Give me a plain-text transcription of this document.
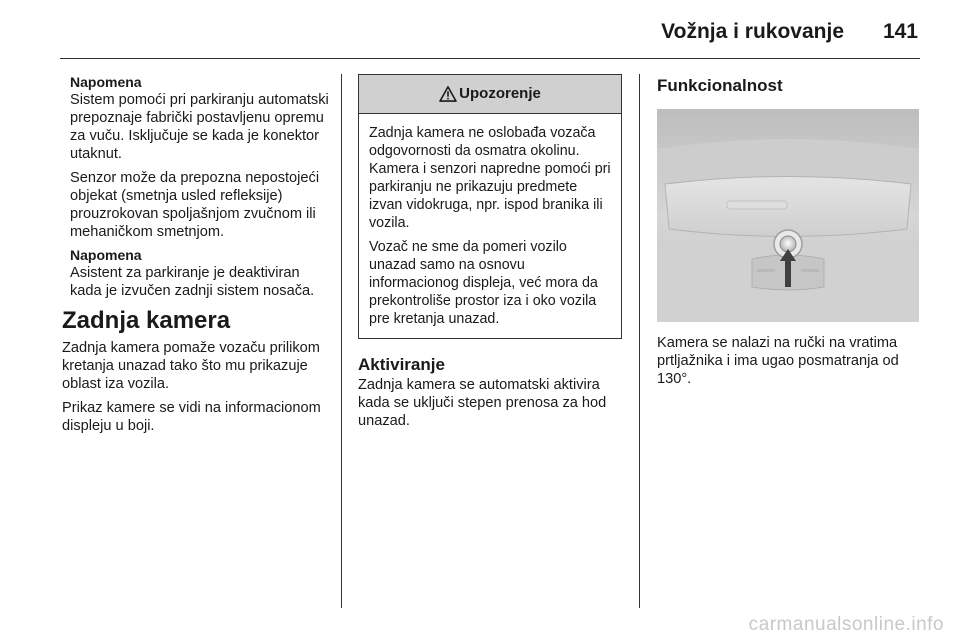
Vožnja i rukovanje 141
Napomena

Sistem pomoći pri parkiranju automatski prepoznaje fabrički postavljenu opremu za vuču. Isključuje se kada je konektor utaknut.

Senzor može da prepozna nepostojeći objekat (smetnja usled refleksije) prouzrokovan spoljašnjom zvučnom ili mehaničkom smetnjom.

Napomena

Asistent za parkiranje je deaktiviran kada je izvučen zadnji sistem nosača.

Zadnja kamera

Zadnja kamera pomaže vozaču prilikom kretanja unazad tako što mu prikazuje oblast iza vozila.

Prikaz kamere se vidi na informacionom displeju u boji.

Upozorenje

Zadnja kamera ne oslobađa vozača odgovornosti da osmatra okolinu. Kamera i senzori napredne pomoći pri parkiranju ne prikazuju predmete izvan vidokruga, npr. ispod branika ili vozila.

Vozač ne sme da pomeri vozilo unazad samo na osnovu informacionog displeja, već mora da prekontroliše prostor iza i oko vozila pre kretanja unazad.

Aktiviranje

Zadnja kamera se automatski aktivira kada se uključi stepen prenosa za hod unazad.

Funkcionalnost

Kamera se nalazi na ručki na vratima prtljažnika i ima ugao posmatranja od 130°.

carmanualsonline.info
